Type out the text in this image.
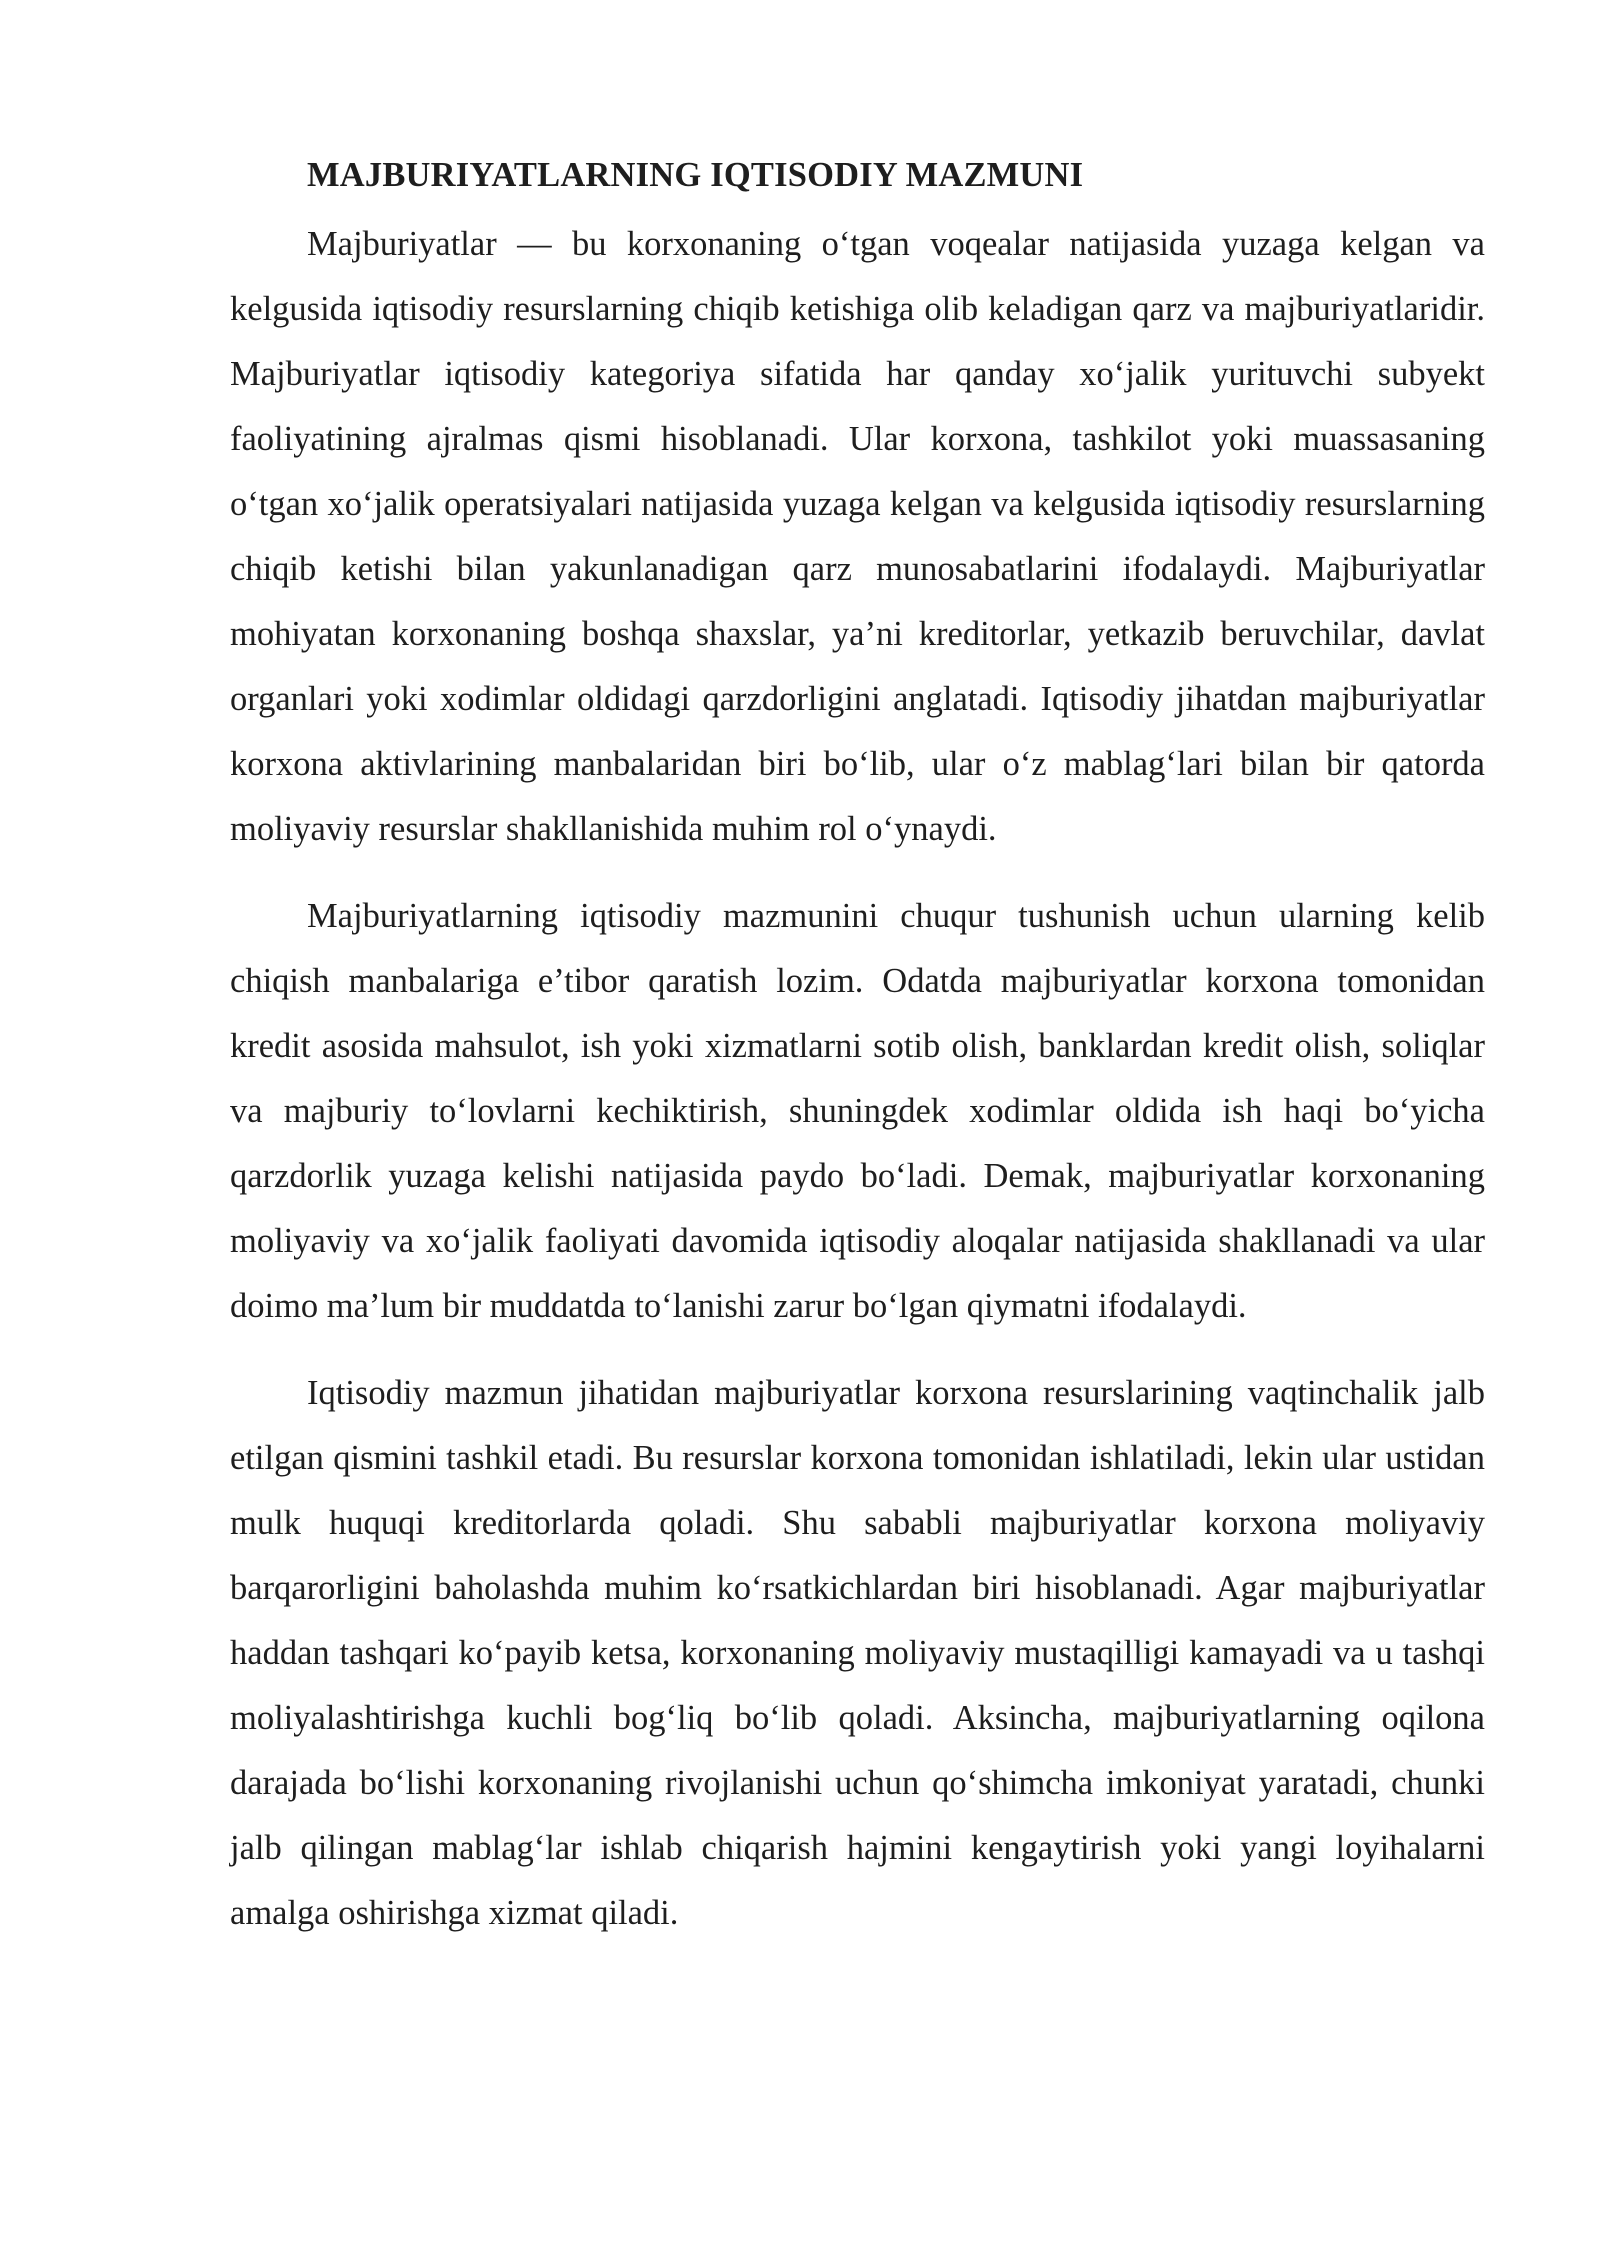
MAJBURIYATLARNING IQTISODIY MAZMUNI

Majburiyatlar — bu korxonaning o‘tgan voqealar natijasida yuzaga kelgan va kelgusida iqtisodiy resurslarning chiqib ketishiga olib keladigan qarz va majburiyatlaridir. Majburiyatlar iqtisodiy kategoriya sifatida har qanday xo‘jalik yurituvchi subyekt faoliyatining ajralmas qismi hisoblanadi. Ular korxona, tashkilot yoki muassasaning o‘tgan xo‘jalik operatsiyalari natijasida yuzaga kelgan va kelgusida iqtisodiy resurslarning chiqib ketishi bilan yakunlanadigan qarz munosabatlarini ifodalaydi. Majburiyatlar mohiyatan korxonaning boshqa shaxslar, ya’ni kreditorlar, yetkazib beruvchilar, davlat organlari yoki xodimlar oldidagi qarzdorligini anglatadi. Iqtisodiy jihatdan majburiyatlar korxona aktivlarining manbalaridan biri bo‘lib, ular o‘z mablag‘lari bilan bir qatorda moliyaviy resurslar shakllanishida muhim rol o‘ynaydi.

Majburiyatlarning iqtisodiy mazmunini chuqur tushunish uchun ularning kelib chiqish manbalariga e’tibor qaratish lozim. Odatda majburiyatlar korxona tomonidan kredit asosida mahsulot, ish yoki xizmatlarni sotib olish, banklardan kredit olish, soliqlar va majburiy to‘lovlarni kechiktirish, shuningdek xodimlar oldida ish haqi bo‘yicha qarzdorlik yuzaga kelishi natijasida paydo bo‘ladi. Demak, majburiyatlar korxonaning moliyaviy va xo‘jalik faoliyati davomida iqtisodiy aloqalar natijasida shakllanadi va ular doimo ma’lum bir muddatda to‘lanishi zarur bo‘lgan qiymatni ifodalaydi.

Iqtisodiy mazmun jihatidan majburiyatlar korxona resurslarining vaqtinchalik jalb etilgan qismini tashkil etadi. Bu resurslar korxona tomonidan ishlatiladi, lekin ular ustidan mulk huquqi kreditorlarda qoladi. Shu sababli majburiyatlar korxona moliyaviy barqarorligini baholashda muhim ko‘rsatkichlardan biri hisoblanadi. Agar majburiyatlar haddan tashqari ko‘payib ketsa, korxonaning moliyaviy mustaqilligi kamayadi va u tashqi moliyalashtirishga kuchli bog‘liq bo‘lib qoladi. Aksincha, majburiyatlarning oqilona darajada bo‘lishi korxonaning rivojlanishi uchun qo‘shimcha imkoniyat yaratadi, chunki jalb qilingan mablag‘lar ishlab chiqarish hajmini kengaytirish yoki yangi loyihalarni amalga oshirishga xizmat qiladi.
